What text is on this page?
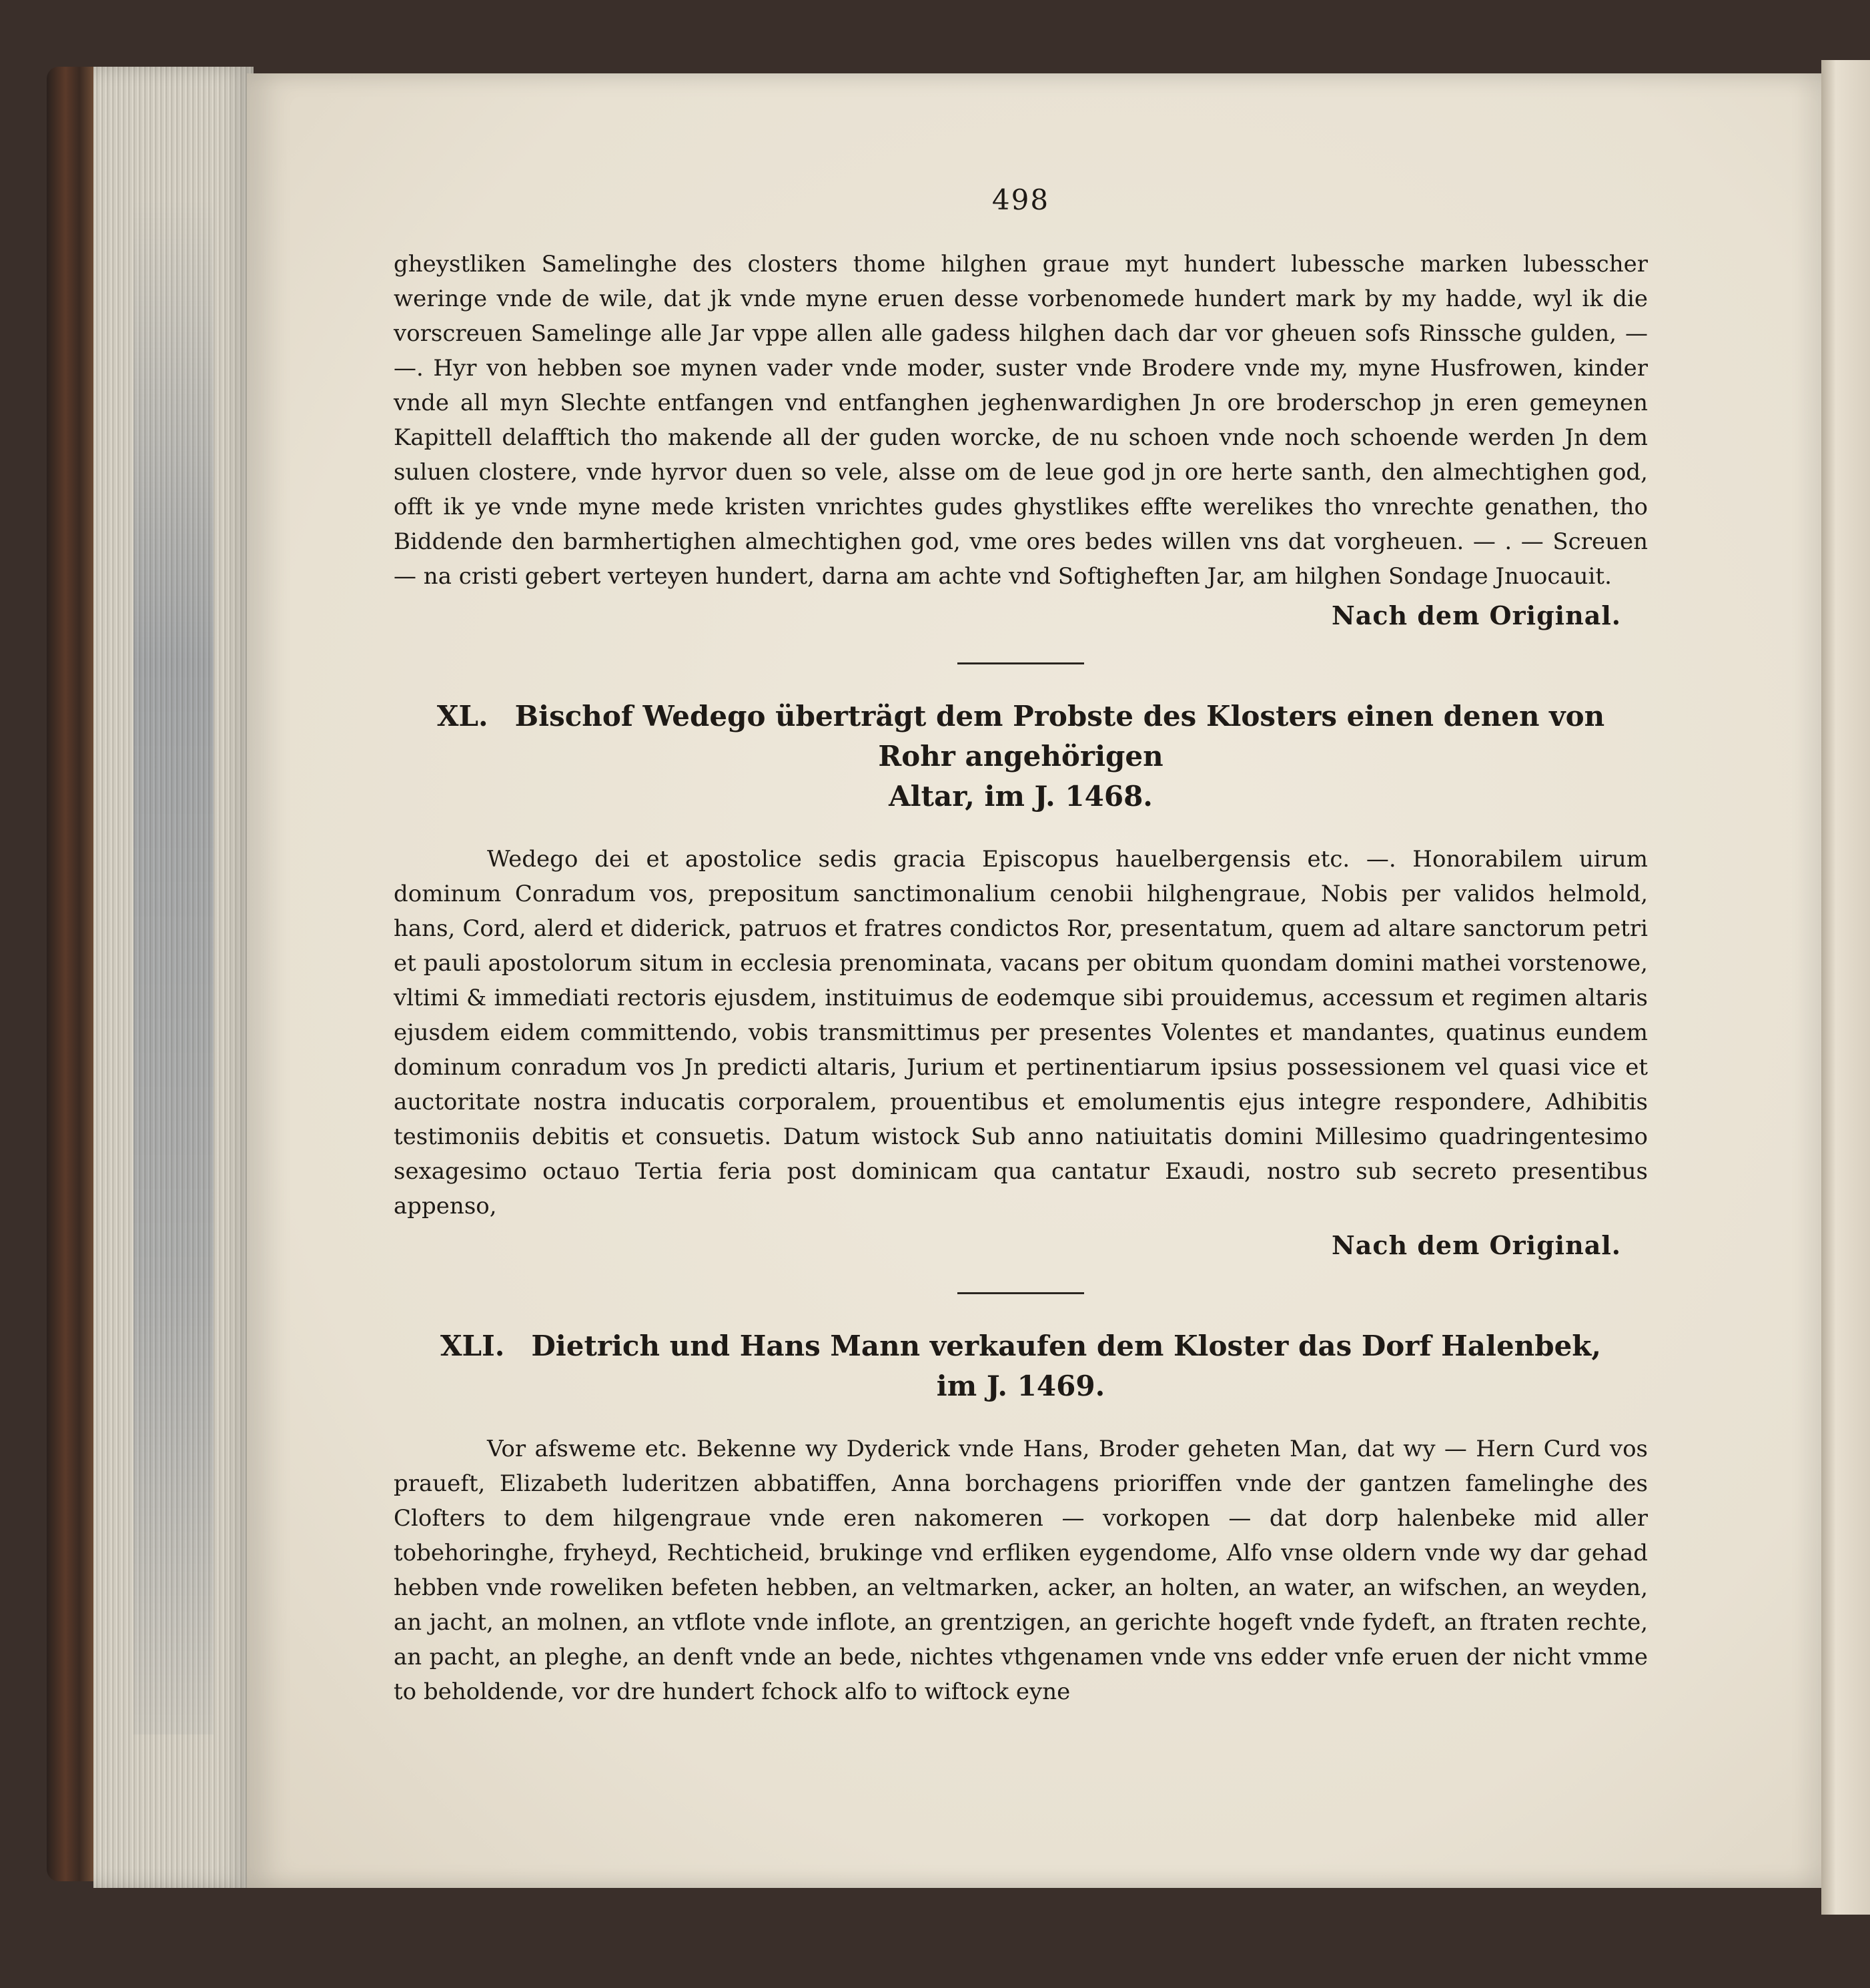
498

gheystliken Samelinghe des closters thome hilghen graue myt hundert lubessche marken lubesscher weringe vnde de wile, dat jk vnde myne eruen desse vorbenomede hundert mark by my hadde, wyl ik die vorscreuen Samelinge alle Jar vppe allen alle gadess hilghen dach dar vor gheuen sofs Rinssche gulden, — —. Hyr von hebben soe mynen vader vnde moder, suster vnde Brodere vnde my, myne Husfrowen, kinder vnde all myn Slechte entfangen vnd entfanghen jeghenwardighen Jn ore broderschop jn eren gemeynen Kapittell delafftich tho makende all der guden worcke, de nu schoen vnde noch schoende werden Jn dem suluen clostere, vnde hyrvor duen so vele, alsse om de leue god jn ore herte santh, den almechtighen god, offt ik ye vnde myne mede kristen vnrichtes gudes ghystlikes effte werelikes tho vnrechte genathen, tho Biddende den barmhertighen almechtighen god, vme ores bedes willen vns dat vorgheuen. — . — Screuen — na cristi gebert verteyen hundert, darna am achte vnd Softigheften Jar, am hilghen Sondage Jnuocauit.

Nach dem Original.
XL. Bischof Wedego überträgt dem Probste des Klosters einen denen von Rohr angehörigen
Altar, im J. 1468.

Wedego dei et apostolice sedis gracia Episcopus hauelbergensis etc. —. Honorabilem uirum dominum Conradum vos, prepositum sanctimonalium cenobii hilghengraue, Nobis per validos helmold, hans, Cord, alerd et diderick, patruos et fratres condictos Ror, presentatum, quem ad altare sanctorum petri et pauli apostolorum situm in ecclesia prenominata, vacans per obitum quondam domini mathei vorstenowe, vltimi & immediati rectoris ejusdem, instituimus de eodemque sibi prouidemus, accessum et regimen altaris ejusdem eidem committendo, vobis transmittimus per presentes Volentes et mandantes, quatinus eundem dominum conradum vos Jn predicti altaris, Jurium et pertinentiarum ipsius possessionem vel quasi vice et auctoritate nostra inducatis corporalem, prouentibus et emolumentis ejus integre respondere, Adhibitis testimoniis debitis et consuetis. Datum wistock Sub anno natiuitatis domini Millesimo quadringentesimo sexagesimo octauo Tertia feria post dominicam qua cantatur Exaudi, nostro sub secreto presentibus appenso,

Nach dem Original.
XLI. Dietrich und Hans Mann verkaufen dem Kloster das Dorf Halenbek,
im J. 1469.

Vor afsweme etc. Bekenne wy Dyderick vnde Hans, Broder geheten Man, dat wy — Hern Curd vos praueft, Elizabeth luderitzen abbatiffen, Anna borchagens prioriffen vnde der gantzen famelinghe des Clofters to dem hilgengraue vnde eren nakomeren — vorkopen — dat dorp halenbeke mid aller tobehoringhe, fryheyd, Rechticheid, brukinge vnd erfliken eygendome, Alfo vnse oldern vnde wy dar gehad hebben vnde roweliken befeten hebben, an veltmarken, acker, an holten, an water, an wifschen, an weyden, an jacht, an molnen, an vtflote vnde inflote, an grentzigen, an gerichte hogeft vnde fydeft, an ftraten rechte, an pacht, an pleghe, an denft vnde an bede, nichtes vthgenamen vnde vns edder vnfe eruen der nicht vmme to beholdende, vor dre hundert fchock alfo to wiftock eyne
